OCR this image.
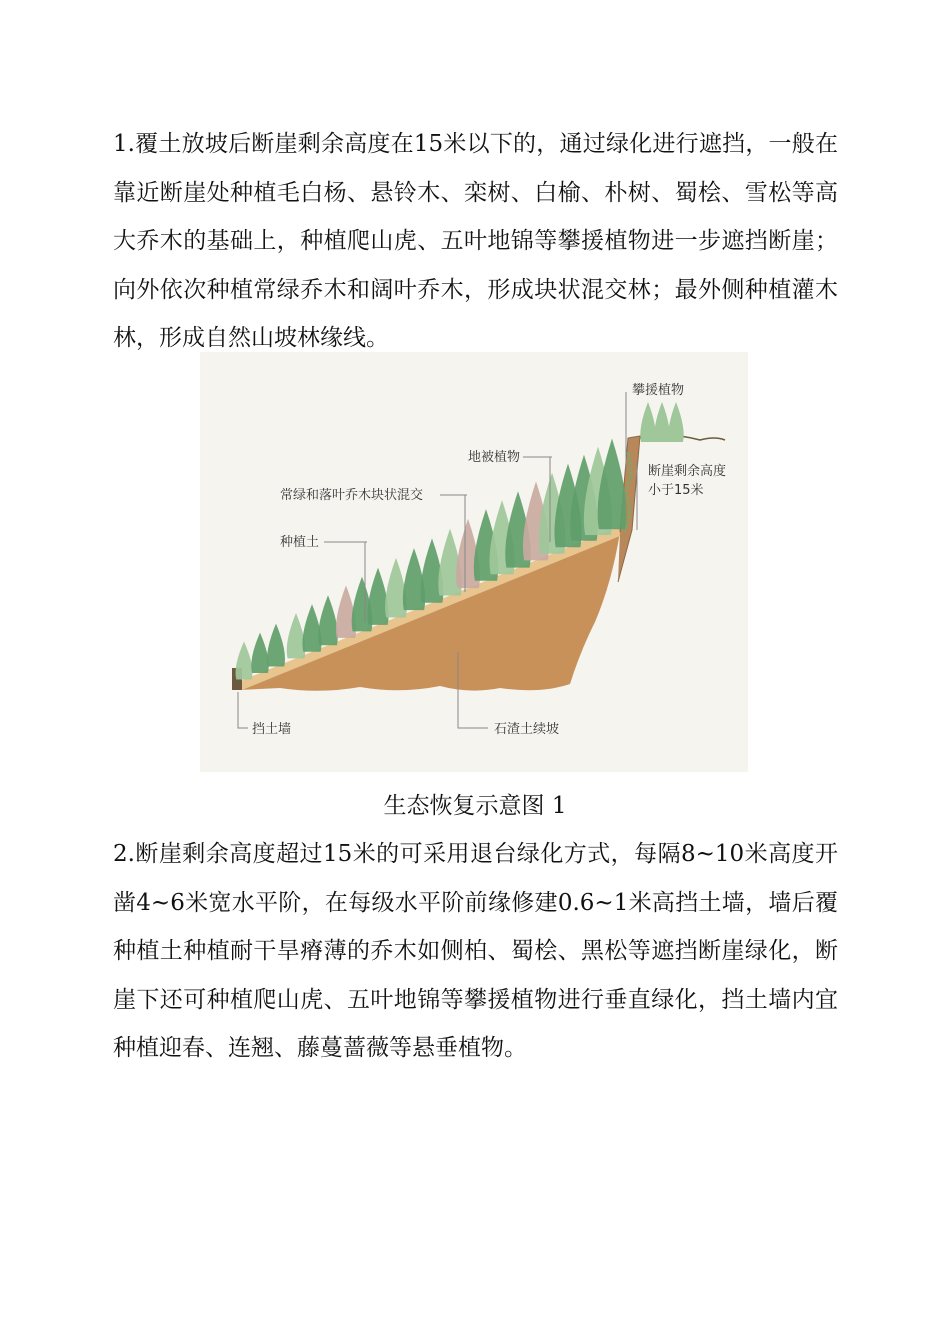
1.覆土放坡后断崖剩余高度在15米以下的，通过绿化进行遮挡，一般在靠近断崖处种植毛白杨、悬铃木、栾树、白榆、朴树、蜀桧、雪松等高大乔木的基础上，种植爬山虎、五叶地锦等攀援植物进一步遮挡断崖；向外依次种植常绿乔木和阔叶乔木，形成块状混交林；最外侧种植灌木林，形成自然山坡林缘线。

攀援植物
地被植物
常绿和落叶乔木块状混交
种植土
断崖剩余高度
小于15米
挡土墙	石渣土续坡

生态恢复示意图 1

2.断崖剩余高度超过15米的可采用退台绿化方式，每隔8~10米高度开凿4~6米宽水平阶，在每级水平阶前缘修建0.6~1米高挡土墙，墙后覆种植土种植耐干旱瘠薄的乔木如侧柏、蜀桧、黑松等遮挡断崖绿化，断崖下还可种植爬山虎、五叶地锦等攀援植物进行垂直绿化，挡土墙内宜种植迎春、连翘、藤蔓蔷薇等悬垂植物。
